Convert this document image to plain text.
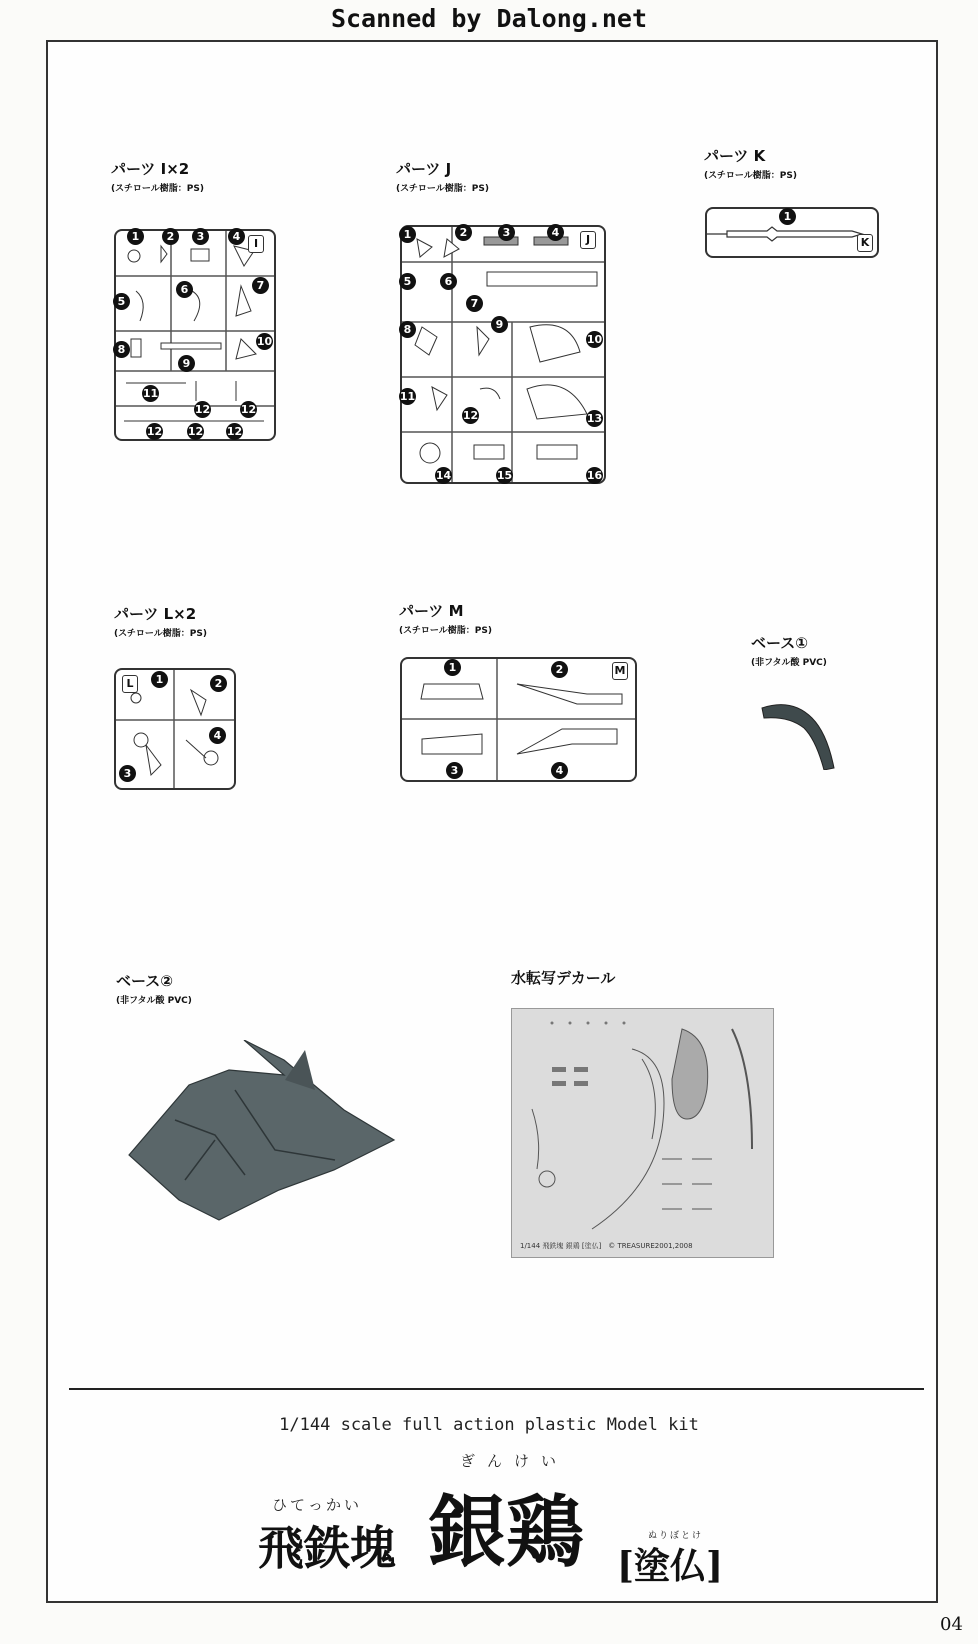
Scanned by Dalong.net
パーツ I×2
(スチロール樹脂：PS)
I
1	2	3	4
5
6	7
8
9
10
11
12	12
12 12 12
パーツ J
(スチロール樹脂：PS)
J
1	2	3	4
5	6
7
8	9
10
11
12	13
14	15	16
パーツ K
(スチロール樹脂：PS)
K
1
パーツ L×2
(スチロール樹脂：PS)
L	1	2
3
4
パーツ M
(スチロール樹脂：PS)
M
1	2
3	4
ベース①
(非フタル酸 PVC)
ベース②
(非フタル酸 PVC)
水転写デカール
1/144 飛鉄塊 銀鶏 [塗仏]　© TREASURE2001,2008
1/144 scale full action plastic Model kit
ひてっかい
飛鉄塊
ぎんけい
銀鶏	ぬりぼとけ
[塗仏]
04
